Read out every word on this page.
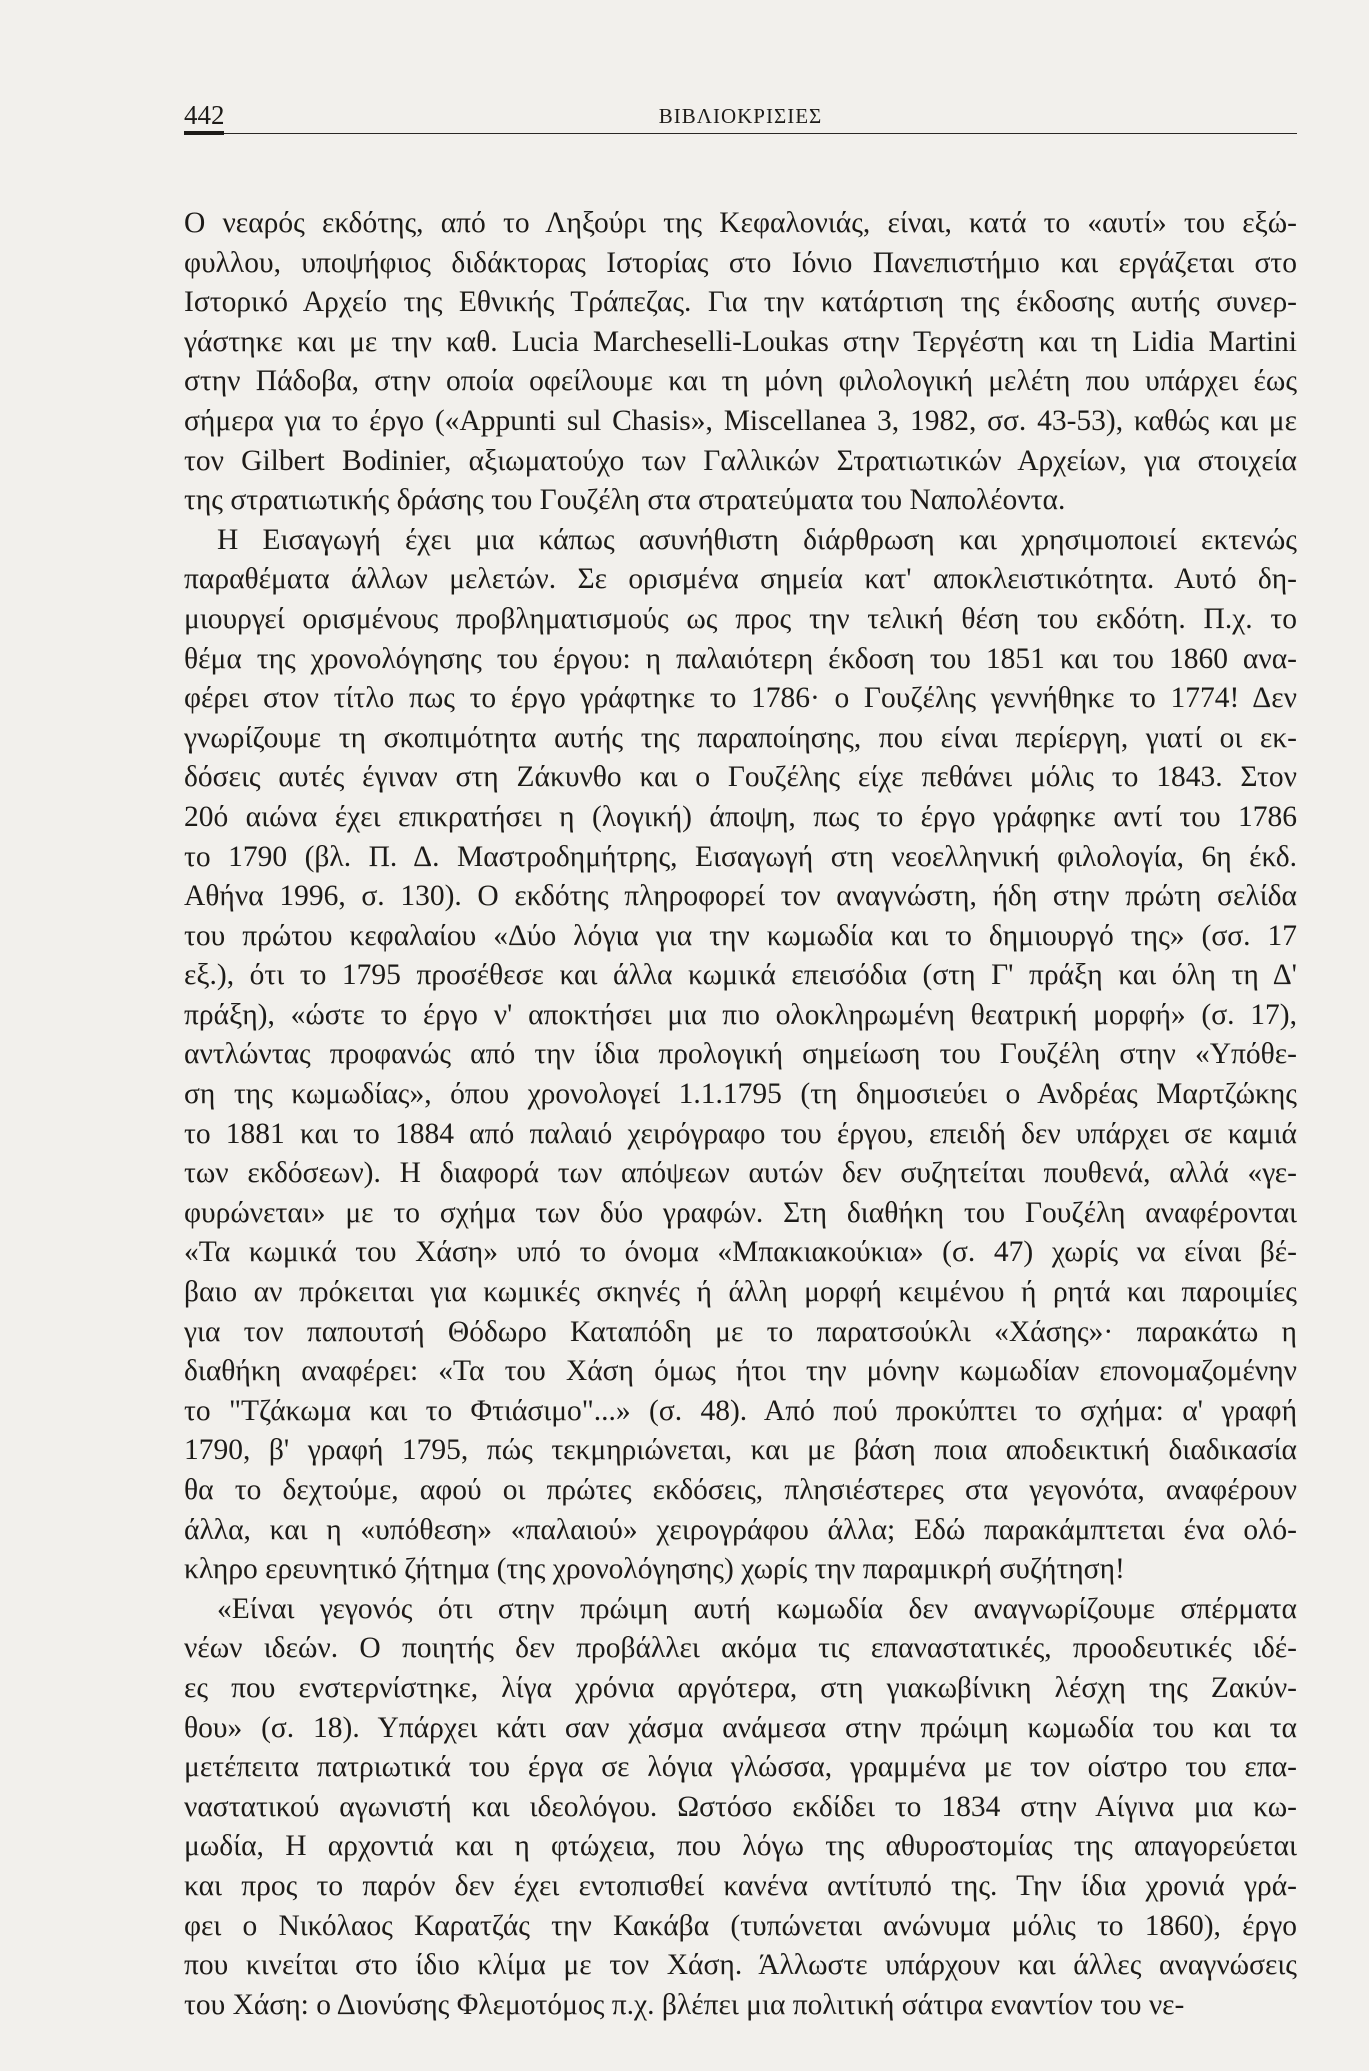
442	ΒΙΒΛΙΟΚΡΙΣΙΕΣ

Ο νεαρός εκδότης, από το Ληξούρι της Κεφαλονιάς, είναι, κατά το «αυτί» του εξώ-
φυλλου, υποψήφιος διδάκτορας Ιστορίας στο Ιόνιο Πανεπιστήμιο και εργάζεται στο
Ιστορικό Αρχείο της Εθνικής Τράπεζας. Για την κατάρτιση της έκδοσης αυτής συνερ-
γάστηκε και με την καθ. Lucia Marcheselli-Loukas στην Τεργέστη και τη Lidia Martini
στην Πάδοβα, στην οποία οφείλουμε και τη μόνη φιλολογική μελέτη που υπάρχει έως
σήμερα για το έργο («Appunti sul Chasis», Miscellanea 3, 1982, σσ. 43-53), καθώς και με
τον Gilbert Bodinier, αξιωματούχο των Γαλλικών Στρατιωτικών Αρχείων, για στοιχεία
της στρατιωτικής δράσης του Γουζέλη στα στρατεύματα του Ναπολέοντα.

Η Εισαγωγή έχει μια κάπως ασυνήθιστη διάρθρωση και χρησιμοποιεί εκτενώς
παραθέματα άλλων μελετών. Σε ορισμένα σημεία κατ' αποκλειστικότητα. Αυτό δη-
μιουργεί ορισμένους προβληματισμούς ως προς την τελική θέση του εκδότη. Π.χ. το
θέμα της χρονολόγησης του έργου: η παλαιότερη έκδοση του 1851 και του 1860 ανα-
φέρει στον τίτλο πως το έργο γράφτηκε το 1786· ο Γουζέλης γεννήθηκε το 1774! Δεν
γνωρίζουμε τη σκοπιμότητα αυτής της παραποίησης, που είναι περίεργη, γιατί οι εκ-
δόσεις αυτές έγιναν στη Ζάκυνθο και ο Γουζέλης είχε πεθάνει μόλις το 1843. Στον
20ό αιώνα έχει επικρατήσει η (λογική) άποψη, πως το έργο γράφηκε αντί του 1786
το 1790 (βλ. Π. Δ. Μαστροδημήτρης, Εισαγωγή στη νεοελληνική φιλολογία, 6η έκδ.
Αθήνα 1996, σ. 130). Ο εκδότης πληροφορεί τον αναγνώστη, ήδη στην πρώτη σελίδα
του πρώτου κεφαλαίου «Δύο λόγια για την κωμωδία και το δημιουργό της» (σσ. 17
εξ.), ότι το 1795 προσέθεσε και άλλα κωμικά επεισόδια (στη Γ' πράξη και όλη τη Δ'
πράξη), «ώστε το έργο ν' αποκτήσει μια πιο ολοκληρωμένη θεατρική μορφή» (σ. 17),
αντλώντας προφανώς από την ίδια προλογική σημείωση του Γουζέλη στην «Υπόθε-
ση της κωμωδίας», όπου χρονολογεί 1.1.1795 (τη δημοσιεύει ο Ανδρέας Μαρτζώκης
το 1881 και το 1884 από παλαιό χειρόγραφο του έργου, επειδή δεν υπάρχει σε καμιά
των εκδόσεων). Η διαφορά των απόψεων αυτών δεν συζητείται πουθενά, αλλά «γε-
φυρώνεται» με το σχήμα των δύο γραφών. Στη διαθήκη του Γουζέλη αναφέρονται
«Τα κωμικά του Χάση» υπό το όνομα «Μπακιακούκια» (σ. 47) χωρίς να είναι βέ-
βαιο αν πρόκειται για κωμικές σκηνές ή άλλη μορφή κειμένου ή ρητά και παροιμίες
για τον παπουτσή Θόδωρο Καταπόδη με το παρατσούκλι «Χάσης»· παρακάτω η
διαθήκη αναφέρει: «Τα του Χάση όμως ήτοι την μόνην κωμωδίαν επονομαζομένην
το "Τζάκωμα και το Φτιάσιμο"...» (σ. 48). Από πού προκύπτει το σχήμα: α' γραφή
1790, β' γραφή 1795, πώς τεκμηριώνεται, και με βάση ποια αποδεικτική διαδικασία
θα το δεχτούμε, αφού οι πρώτες εκδόσεις, πλησιέστερες στα γεγονότα, αναφέρουν
άλλα, και η «υπόθεση» «παλαιού» χειρογράφου άλλα; Εδώ παρακάμπτεται ένα ολό-
κληρο ερευνητικό ζήτημα (της χρονολόγησης) χωρίς την παραμικρή συζήτηση!

«Είναι γεγονός ότι στην πρώιμη αυτή κωμωδία δεν αναγνωρίζουμε σπέρματα
νέων ιδεών. Ο ποιητής δεν προβάλλει ακόμα τις επαναστατικές, προοδευτικές ιδέ-
ες που ενστερνίστηκε, λίγα χρόνια αργότερα, στη γιακωβίνικη λέσχη της Ζακύν-
θου» (σ. 18). Υπάρχει κάτι σαν χάσμα ανάμεσα στην πρώιμη κωμωδία του και τα
μετέπειτα πατριωτικά του έργα σε λόγια γλώσσα, γραμμένα με τον οίστρο του επα-
ναστατικού αγωνιστή και ιδεολόγου. Ωστόσο εκδίδει το 1834 στην Αίγινα μια κω-
μωδία, Η αρχοντιά και η φτώχεια, που λόγω της αθυροστομίας της απαγορεύεται
και προς το παρόν δεν έχει εντοπισθεί κανένα αντίτυπό της. Την ίδια χρονιά γρά-
φει ο Νικόλαος Καρατζάς την Κακάβα (τυπώνεται ανώνυμα μόλις το 1860), έργο
που κινείται στο ίδιο κλίμα με τον Χάση. Άλλωστε υπάρχουν και άλλες αναγνώσεις
του Χάση: ο Διονύσης Φλεμοτόμος π.χ. βλέπει μια πολιτική σάτιρα εναντίον του νε-
